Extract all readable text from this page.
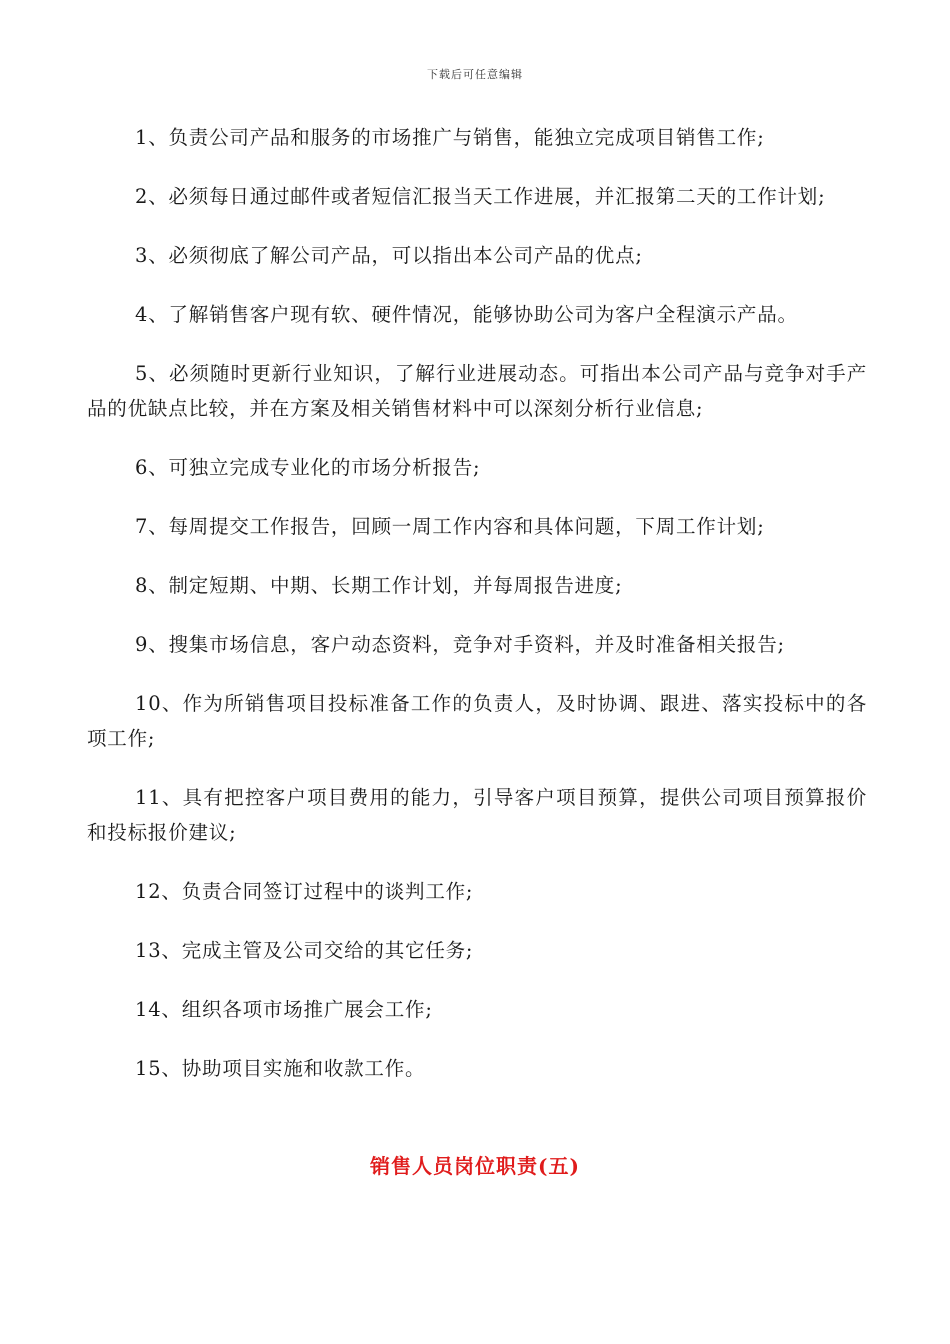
下载后可任意编辑

1、负责公司产品和服务的市场推广与销售，能独立完成项目销售工作;

2、必须每日通过邮件或者短信汇报当天工作进展，并汇报第二天的工作计划;

3、必须彻底了解公司产品，可以指出本公司产品的优点;

4、了解销售客户现有软、硬件情况，能够协助公司为客户全程演示产品。

5、必须随时更新行业知识，了解行业进展动态。可指出本公司产品与竞争对手产品的优缺点比较，并在方案及相关销售材料中可以深刻分析行业信息;

6、可独立完成专业化的市场分析报告;

7、每周提交工作报告，回顾一周工作内容和具体问题，下周工作计划;

8、制定短期、中期、长期工作计划，并每周报告进度;

9、搜集市场信息，客户动态资料，竞争对手资料，并及时准备相关报告;

10、作为所销售项目投标准备工作的负责人，及时协调、跟进、落实投标中的各项工作;

11、具有把控客户项目费用的能力，引导客户项目预算，提供公司项目预算报价和投标报价建议;

12、负责合同签订过程中的谈判工作;

13、完成主管及公司交给的其它任务;

14、组织各项市场推广展会工作;

15、协助项目实施和收款工作。

销售人员岗位职责(五)
